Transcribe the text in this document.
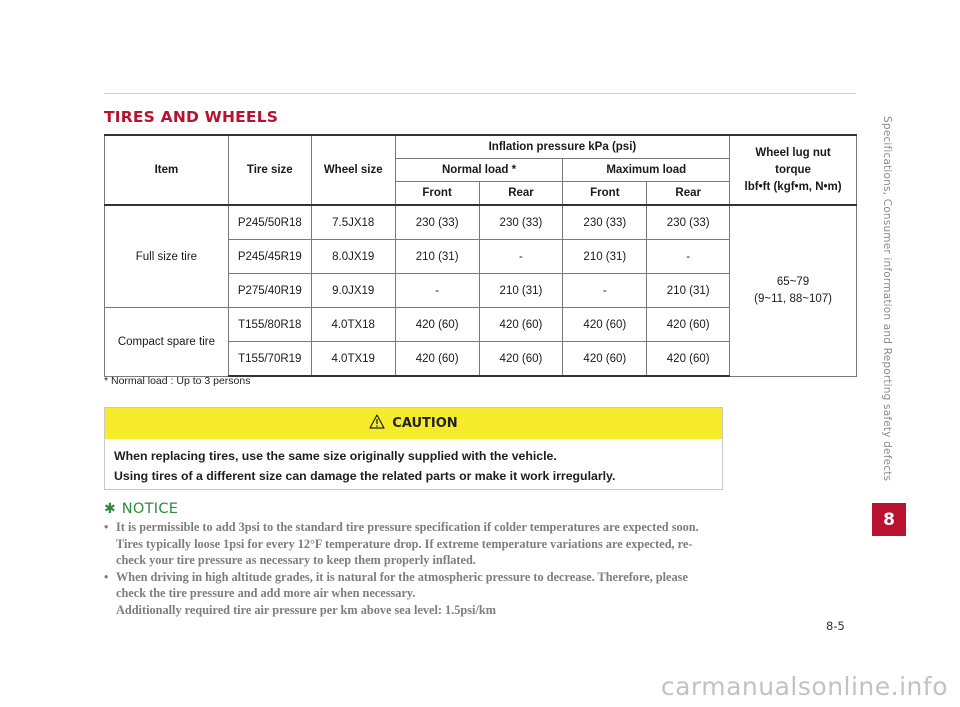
TIRES AND WHEELS
Item	Tire size	Wheel size	Inflation pressure kPa (psi)				Wheel lug nut
torque
lbf•ft (kgf•m, N•m)
			Normal load *		Maximum load		
			Front	Rear	Front	Rear	
Full size tire	P245/50R18	7.5JX18	230 (33)	230 (33)	230 (33)	230 (33)	65~79
(9~11, 88~107)
	P245/45R19	8.0JX19	210 (31)	-	210 (31)	-	
	P275/40R19	9.0JX19	-	210 (31)	-	210 (31)	
Compact spare tire	T155/80R18	4.0TX18	420 (60)	420 (60)	420 (60)	420 (60)	
	T155/70R19	4.0TX19	420 (60)	420 (60)	420 (60)	420 (60)	

* Normal load : Up to 3 persons

CAUTION

When replacing tires, use the same size originally supplied with the vehicle.

Using tires of a different size can damage the related parts or make it work irregularly.

✱ NOTICE
• It is permissible to add 3psi to the standard tire pressure specification if colder temperatures are expected soon.
Tires typically loose 1psi for every 12°F temperature drop. If extreme temperature variations are expected, re-
check your tire pressure as necessary to keep them properly inflated.
• When driving in high altitude grades, it is natural for the atmospheric pressure to decrease. Therefore, please
check the tire pressure and add more air when necessary.
Additionally required tire air pressure per km above sea level: 1.5psi/km
Specifications, Consumer information and Reporting safety defects
8
8-5
carmanualsonline.info
